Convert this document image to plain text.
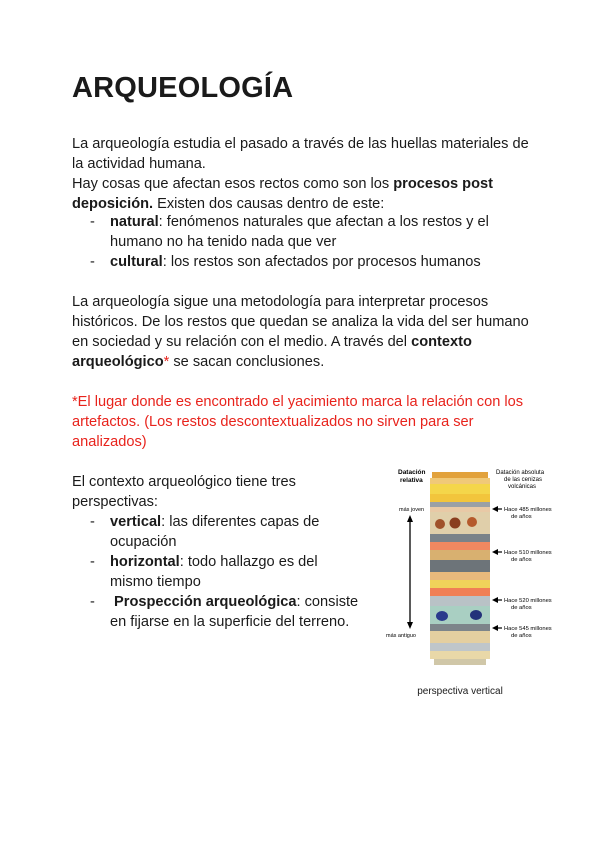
ARQUEOLOGÍA

La arqueología estudia el pasado a través de las huellas materiales de la actividad humana.
Hay cosas que afectan esos rectos como son los procesos post deposición. Existen dos causas dentro de este:

- natural: fenómenos naturales que afectan a los restos y el humano no ha tenido nada que ver
- cultural: los restos son afectados por procesos humanos

La arqueología sigue una metodología para interpretar procesos históricos. De los restos que quedan se analiza la vida del ser humano en sociedad y su relación con el medio. A través del contexto arqueológico* se sacan conclusiones.

*El lugar donde es encontrado el yacimiento marca la relación con los artefactos. (Los restos descontextualizados no sirven para ser analizados)

El contexto arqueológico tiene tres perspectivas:

- vertical: las diferentes capas de ocupación
- horizontal: todo hallazgo es del mismo tiempo
- Prospección arqueológica: consiste en fijarse en la superficie del terreno.
Datación
relativa
Datación absoluta
de las cenizas
volcánicas
más joven
más antiguo
Hace 485 millones
de años
Hace 510 millones
de años
Hace 520 millones
de años
Hace 545 millones
de años
perspectiva vertical
